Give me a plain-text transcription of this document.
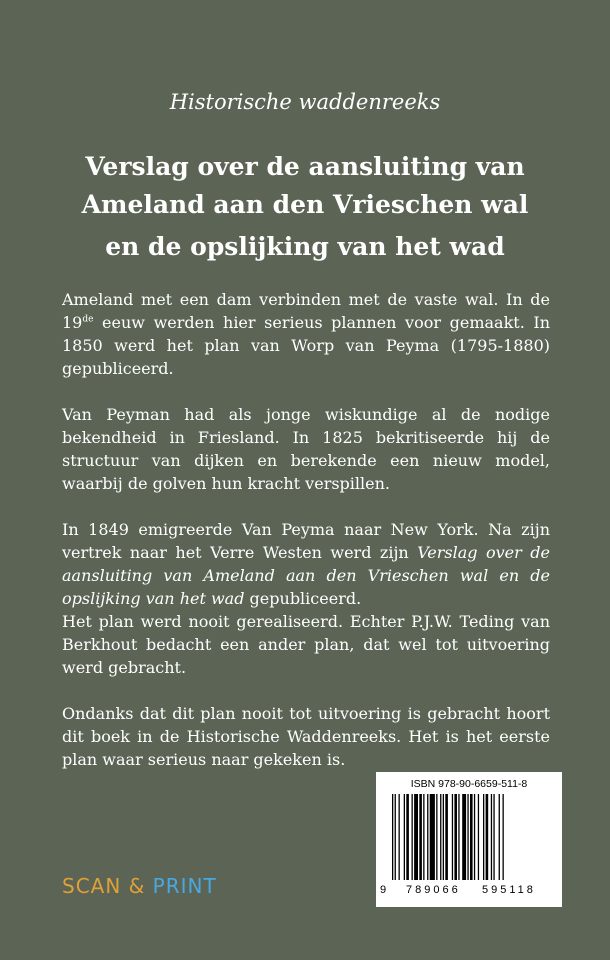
Historische waddenreeks
Verslag over de aansluiting van
Ameland aan den Vrieschen wal
en de opslijking van het wad

Ameland met een dam verbinden met de vaste wal. In de 19de eeuw werden hier serieus plannen voor gemaakt. In 1850 werd het plan van Worp van Peyma (1795-1880) gepubliceerd.

Van Peyman had als jonge wiskundige al de nodige bekendheid in Friesland. In 1825 bekritiseerde hij de structuur van dijken en berekende een nieuw model, waarbij de golven hun kracht verspillen.

In 1849 emigreerde Van Peyma naar New York. Na zijn vertrek naar het Verre Westen werd zijn Verslag over de aansluiting van Ameland aan den Vrieschen wal en de opslijking van het wad gepubliceerd.

Het plan werd nooit gerealiseerd. Echter P.J.W. Teding van Berkhout bedacht een ander plan, dat wel tot uitvoering werd gebracht.

Ondanks dat dit plan nooit tot uitvoering is gebracht hoort dit boek in de Historische Waddenreeks. Het is het eerste plan waar serieus naar gekeken is.

SCAN & PRINT
ISBN 978-90-6659-511-8
9 789066 595118
